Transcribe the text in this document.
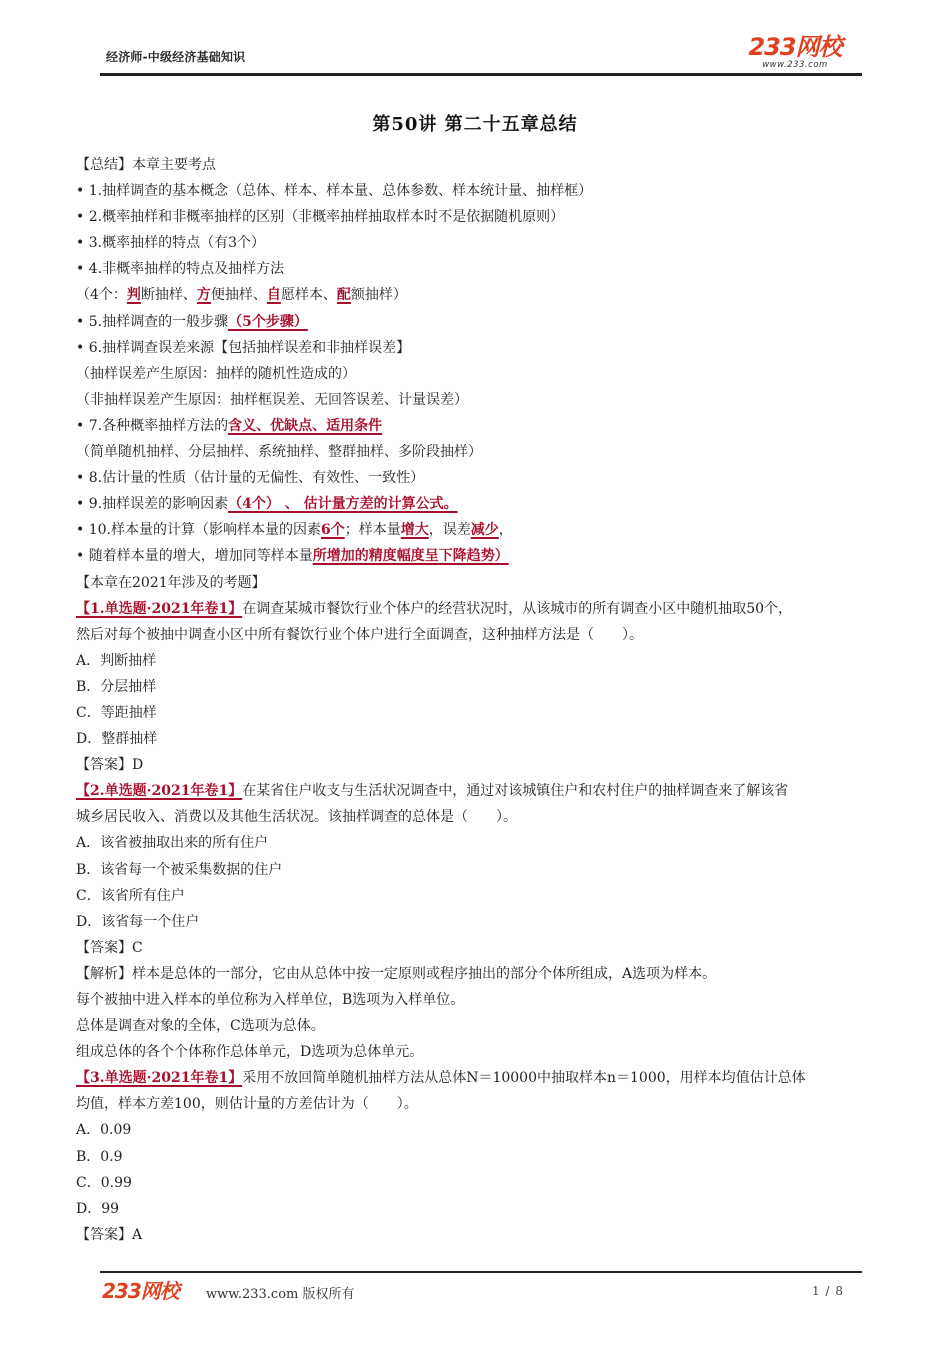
经济师-中级经济基础知识	233网校
www.233.com
第50讲 第二十五章总结
【总结】本章主要考点
• 1.抽样调查的基本概念（总体、样本、样本量、总体参数、样本统计量、抽样框）
• 2.概率抽样和非概率抽样的区别（非概率抽样抽取样本时不是依据随机原则）
• 3.概率抽样的特点（有3个）
• 4.非概率抽样的特点及抽样方法
（4个：判断抽样、方便抽样、自愿样本、配额抽样）
• 5.抽样调查的一般步骤（5个步骤）
• 6.抽样调查误差来源【包括抽样误差和非抽样误差】
（抽样误差产生原因：抽样的随机性造成的）
（非抽样误差产生原因：抽样框误差、无回答误差、计量误差）
• 7.各种概率抽样方法的含义、优缺点、适用条件
（简单随机抽样、分层抽样、系统抽样、整群抽样、多阶段抽样）
• 8.估计量的性质（估计量的无偏性、有效性、一致性）
• 9.抽样误差的影响因素（4个） 、 估计量方差的计算公式。
• 10.样本量的计算（影响样本量的因素6个；样本量增大，误差减少，
• 随着样本量的增大，增加同等样本量所增加的精度幅度呈下降趋势）
【本章在2021年涉及的考题】
【1.单选题·2021年卷1】在调查某城市餐饮行业个体户的经营状况时，从该城市的所有调查小区中随机抽取50个，
然后对每个被抽中调查小区中所有餐饮行业个体户进行全面调查，这种抽样方法是（　　）。
A．判断抽样
B．分层抽样
C．等距抽样
D．整群抽样
【答案】D
【2.单选题·2021年卷1】在某省住户收支与生活状况调查中，通过对该城镇住户和农村住户的抽样调查来了解该省
城乡居民收入、消费以及其他生活状况。该抽样调查的总体是（　　）。
A．该省被抽取出来的所有住户
B．该省每一个被采集数据的住户
C．该省所有住户
D．该省每一个住户
【答案】C
【解析】样本是总体的一部分，它由从总体中按一定原则或程序抽出的部分个体所组成，A选项为样本。
每个被抽中进入样本的单位称为入样单位，B选项为入样单位。
总体是调查对象的全体，C选项为总体。
组成总体的各个个体称作总体单元，D选项为总体单元。
【3.单选题·2021年卷1】采用不放回简单随机抽样方法从总体N＝10000中抽取样本n＝1000，用样本均值估计总体
均值，样本方差100，则估计量的方差估计为（　　）。
A．0.09
B．0.9
C．0.99
D．99
【答案】A
233网校 www.233.com 版权所有	1 / 8
